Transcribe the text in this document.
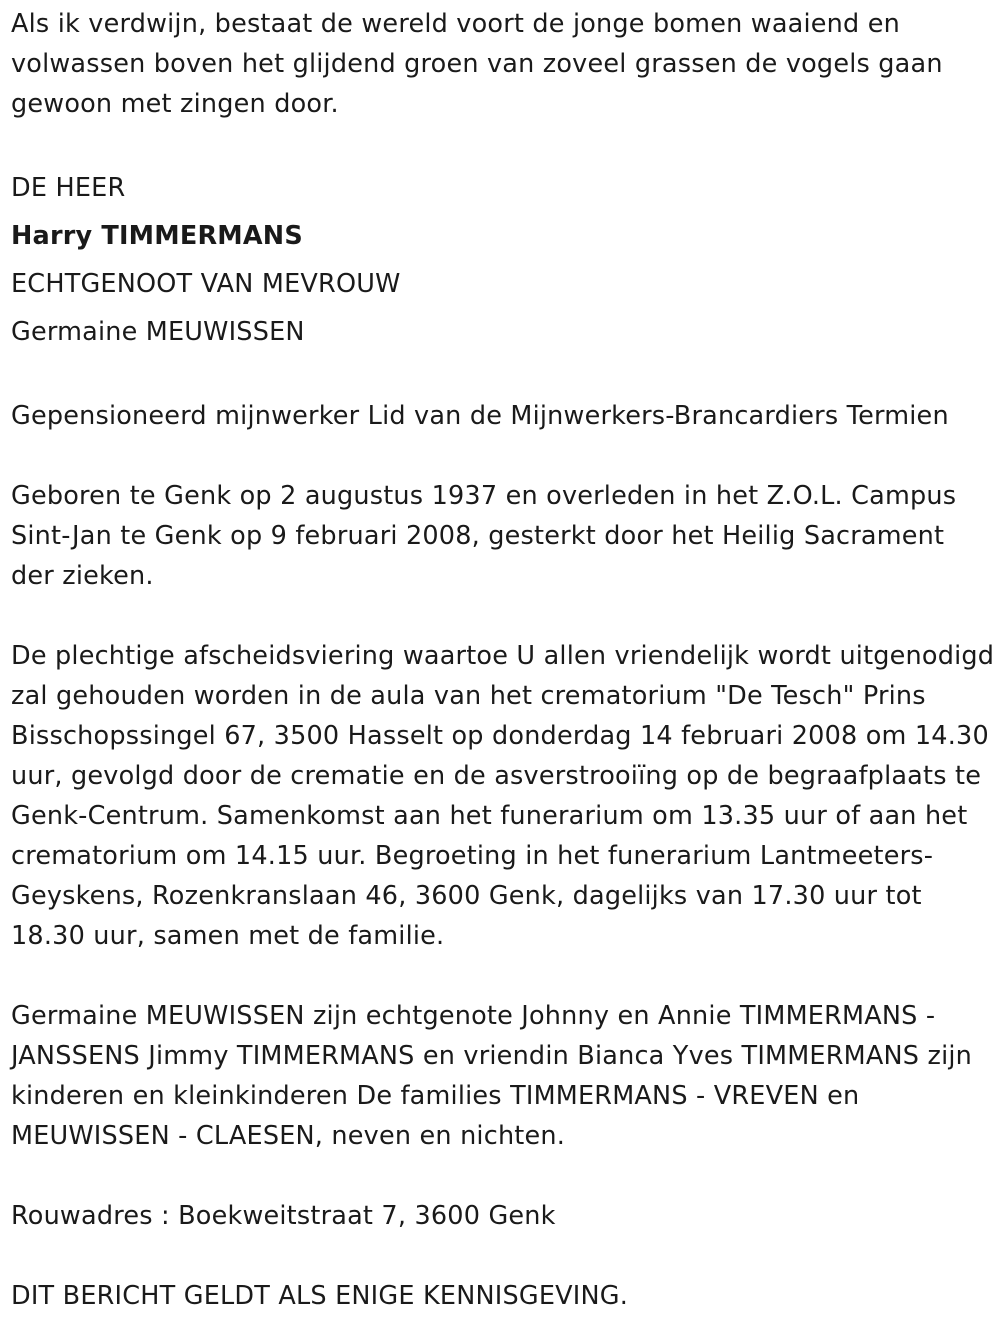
Als ik verdwijn, bestaat de wereld voort de jonge bomen waaiend en volwassen boven het glijdend groen van zoveel grassen de vogels gaan gewoon met zingen door.

DE HEER

Harry TIMMERMANS

ECHTGENOOT VAN MEVROUW

Germaine MEUWISSEN

Gepensioneerd mijnwerker Lid van de Mijnwerkers-Brancardiers Termien

Geboren te Genk op 2 augustus 1937 en overleden in het Z.O.L. Campus Sint-Jan te Genk op 9 februari 2008, gesterkt door het Heilig Sacrament der zieken.

De plechtige afscheidsviering waartoe U allen vriendelijk wordt uitgenodigd zal gehouden worden in de aula van het crematorium "De Tesch" Prins Bisschopssingel 67, 3500 Hasselt op donderdag 14 februari 2008 om 14.30 uur, gevolgd door de crematie en de asverstrooiïng op de begraafplaats te Genk-Centrum. Samenkomst aan het funerarium om 13.35 uur of aan het crematorium om 14.15 uur. Begroeting in het funerarium Lantmeeters-Geyskens, Rozenkranslaan 46, 3600 Genk, dagelijks van 17.30 uur tot 18.30 uur, samen met de familie.

Germaine MEUWISSEN zijn echtgenote Johnny en Annie TIMMERMANS - JANSSENS Jimmy TIMMERMANS en vriendin Bianca Yves TIMMERMANS zijn kinderen en kleinkinderen De families TIMMERMANS - VREVEN en MEUWISSEN - CLAESEN, neven en nichten.

Rouwadres : Boekweitstraat 7, 3600 Genk

DIT BERICHT GELDT ALS ENIGE KENNISGEVING.
